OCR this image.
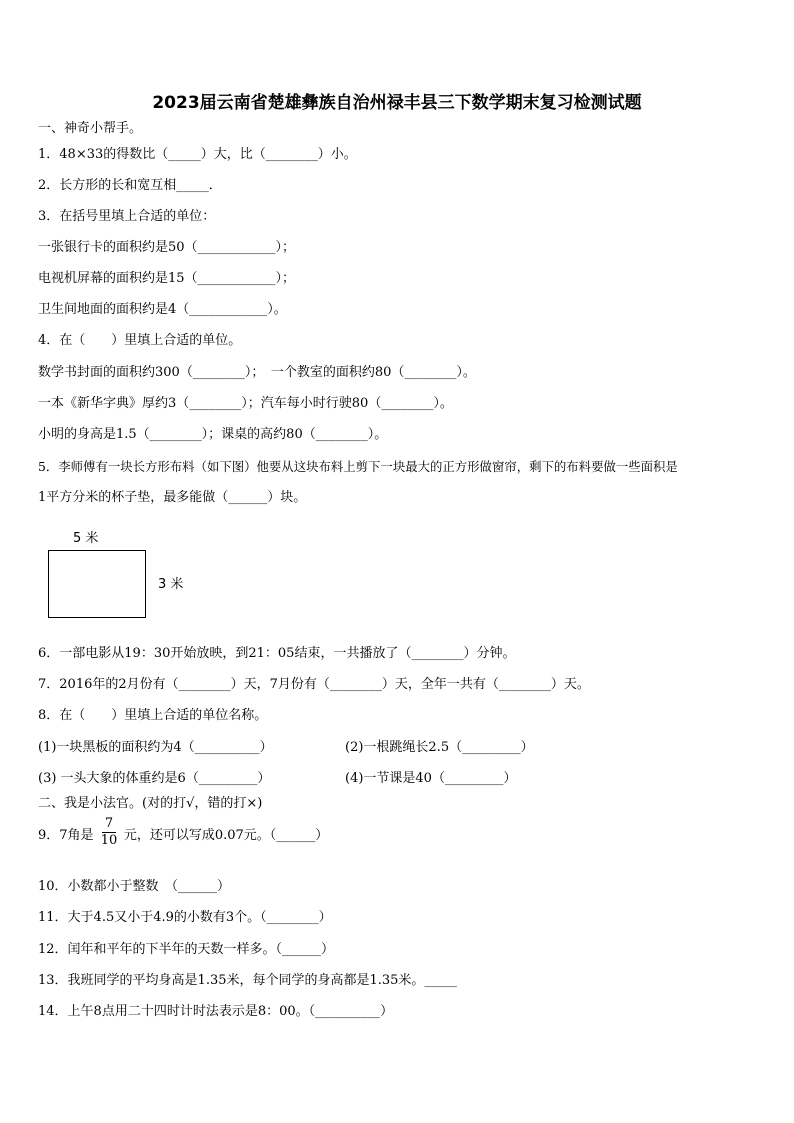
2023届云南省楚雄彝族自治州禄丰县三下数学期末复习检测试题
一、神奇小帮手。
1．48×33的得数比（_____）大，比（________）小。
2．长方形的长和宽互相_____．
3．在括号里填上合适的单位：
一张银行卡的面积约是50（____________）；
电视机屏幕的面积约是15（____________）；
卫生间地面的面积约是4（____________）。
4．在（　　）里填上合适的单位。
数学书封面的面积约300（________）；　一个教室的面积约80（________）。
一本《新华字典》厚约3（________）；汽车每小时行驶80（________）。
小明的身高是1.5（________）；课桌的高约80（________）。
5．李师傅有一块长方形布料（如下图）他要从这块布料上剪下一块最大的正方形做窗帘，剩下的布料要做一些面积是
1平方分米的杯子垫，最多能做（______）块。
5 米
3 米
6．一部电影从19：30开始放映，到21：05结束，一共播放了（________）分钟。
7．2016年的2月份有（________）天，7月份有（________）天，全年一共有（________）天。
8．在（　　）里填上合适的单位名称。
(1)一块黑板的面积约为4（__________）	(2)一根跳绳长2.5（_________）
(3) 一头大象的体重约是6（_________）	(4)一节课是40（_________）
二、我是小法官。(对的打√，错的打×)
9．7角是 元，还可以写成0.07元。（______）
7
10
10．小数都小于整数　（______）
11．大于4.5又小于4.9的小数有3个。（________）
12．闰年和平年的下半年的天数一样多。（______）
13．我班同学的平均身高是1.35米，每个同学的身高都是1.35米。_____
14．上午8点用二十四时计时法表示是8：00。（__________）
